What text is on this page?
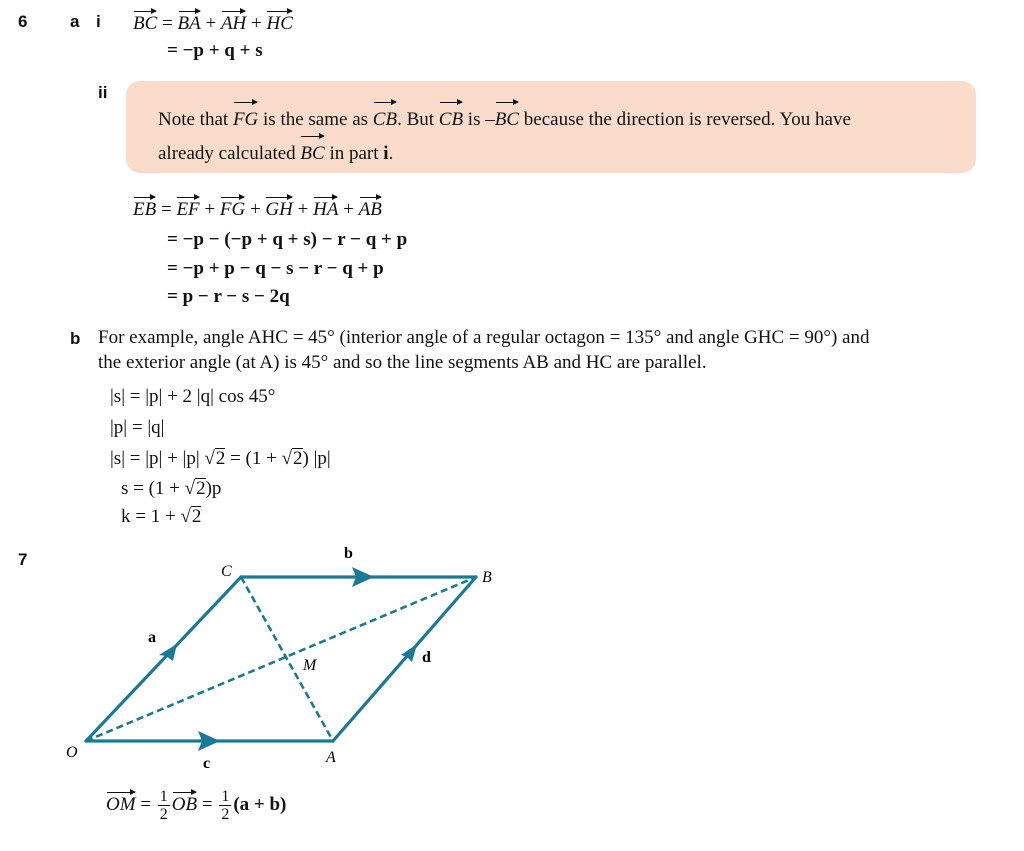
6	a i BC = BA + AH + HC
= −p + q + s
ii
Note that FG is the same as CB. But CB is –BC because the direction is reversed. You have
already calculated BC in part i.
EB = EF + FG + GH + HA + AB
= −p − (−p + q + s) − r − q + p
= −p + p − q − s − r − q + p
= p − r − s − 2q
b For example, angle AHC = 45° (interior angle of a regular octagon = 135° and angle GHC = 90°) and
the exterior angle (at A) is 45° and so the line segments AB and HC are parallel.
|s| = |p| + 2 |q| cos 45°
|p| = |q|
|s| = |p| + |p| √2 = (1 + √2) |p|
s = (1 + √2)p
k = 1 + √2
7
C	B
O	A
M
a
b
c
d
OM = $\frac{1}{2}$ OB = $\frac{1}{2} (a + b)$
